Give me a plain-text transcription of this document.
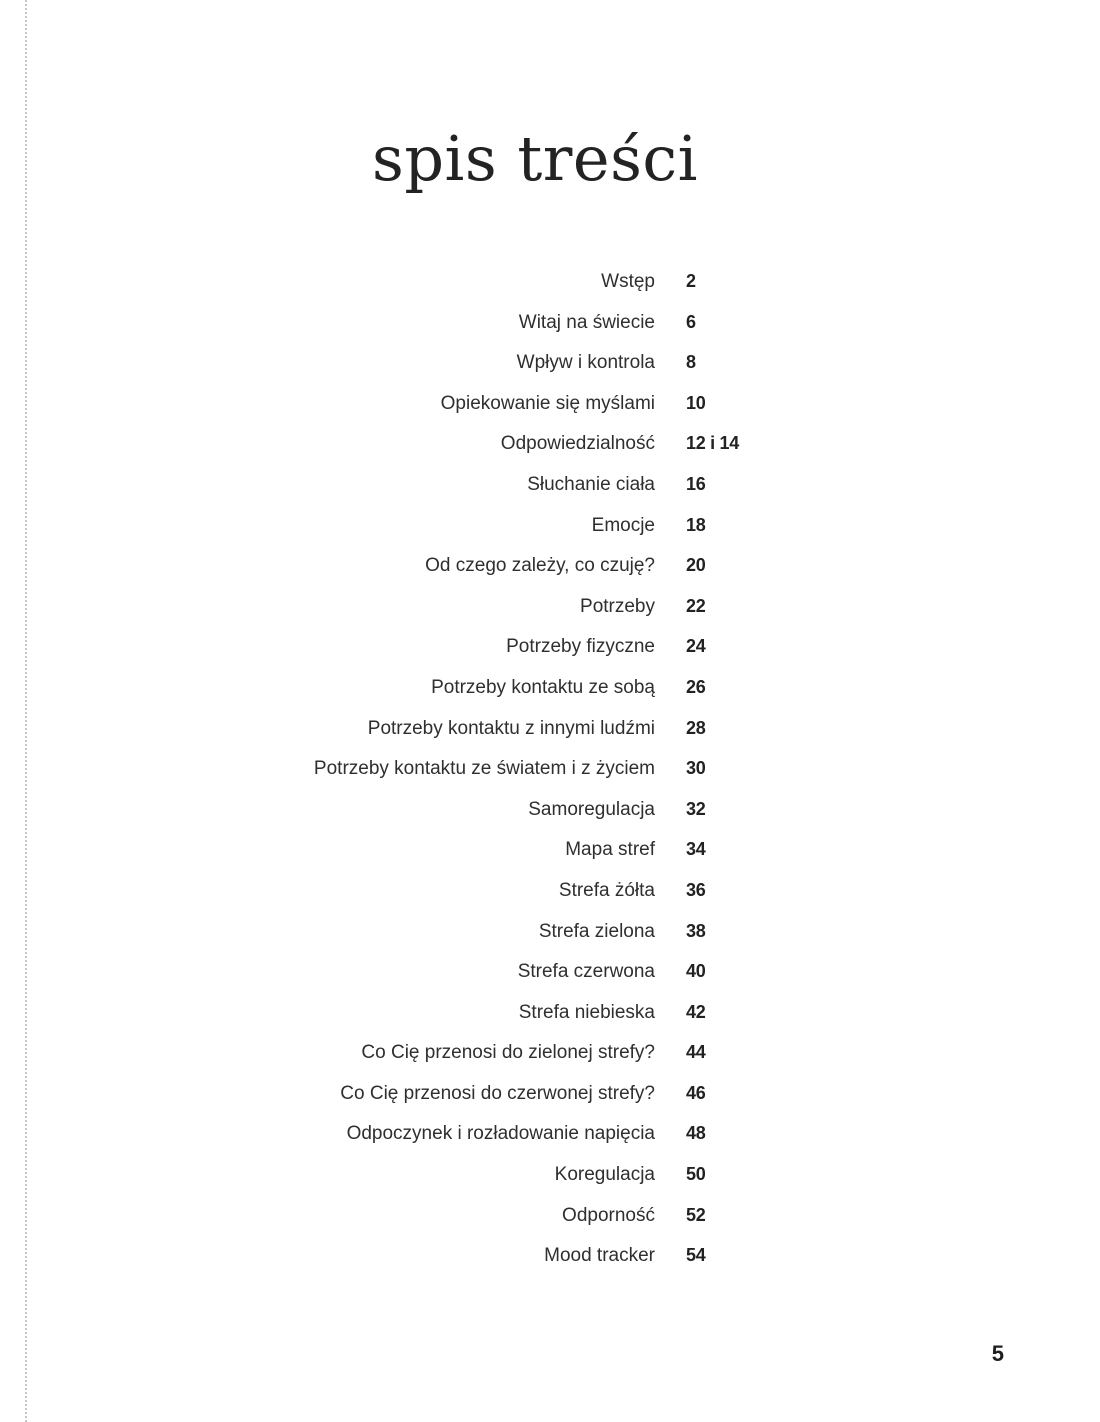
spis treści
Wstęp 2
Witaj na świecie 6
Wpływ i kontrola 8
Opiekowanie się myślami 10
Odpowiedzialność 12 i 14
Słuchanie ciała 16
Emocje 18
Od czego zależy, co czuję? 20
Potrzeby 22
Potrzeby fizyczne 24
Potrzeby kontaktu ze sobą 26
Potrzeby kontaktu z innymi ludźmi 28
Potrzeby kontaktu ze światem i z życiem 30
Samoregulacja 32
Mapa stref 34
Strefa żółta 36
Strefa zielona 38
Strefa czerwona 40
Strefa niebieska 42
Co Cię przenosi do zielonej strefy? 44
Co Cię przenosi do czerwonej strefy? 46
Odpoczynek i rozładowanie napięcia 48
Koregulacja 50
Odporność 52
Mood tracker 54
5
